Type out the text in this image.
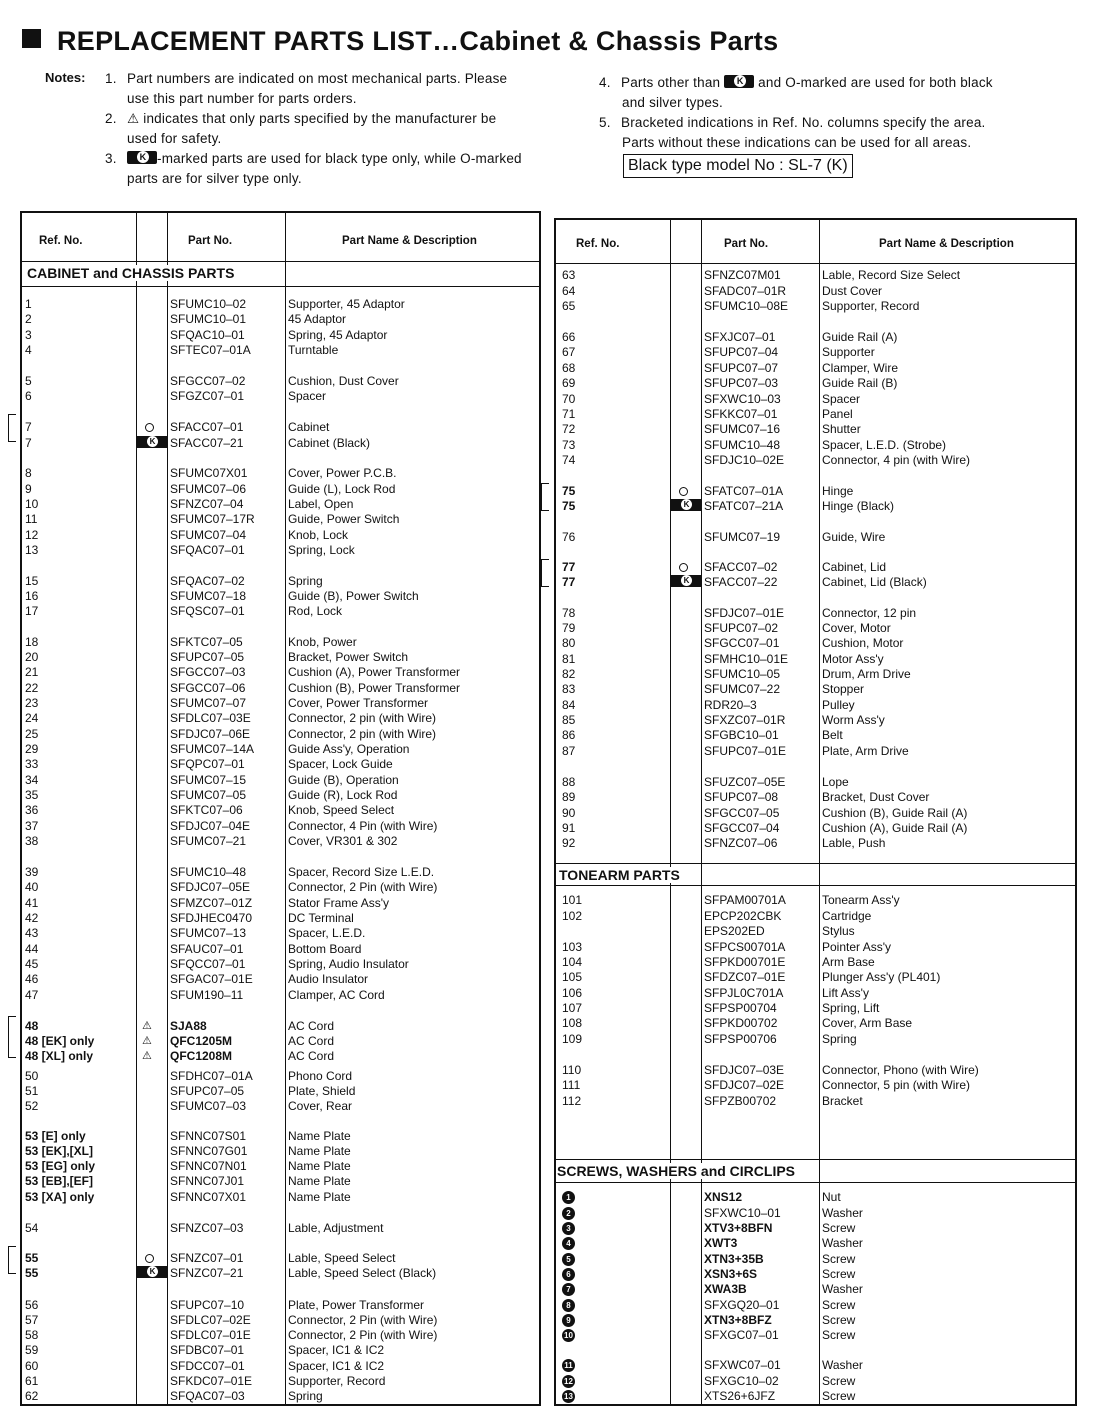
REPLACEMENT PARTS LIST…Cabinet & Chassis Parts
Notes: 1. Part numbers are indicated on most mechanical parts. Please
use this part number for parts orders.
2. ⚠ indicates that only parts specified by the manufacturer be
used for safety.
3. K	-marked parts are used for black type only, while O-marked
parts are for silver type only.
4. Parts other than K	and O-marked are used for both black
and silver types.
5. Bracketed indications in Ref. No. columns specify the area.
Parts without these indications can be used for all areas.
Black type model No : SL-7 (K)
Ref. No.	Part No.	Part Name & Description
CABINET and CHASSIS PARTS
1	SFUMC10–02	Supporter, 45 Adaptor
2	SFUMC10–01	45 Adaptor
3	SFQAC10–01	Spring, 45 Adaptor
4	SFTEC07–01A	Turntable
5	SFGCC07–02	Cushion, Dust Cover
6	SFGZC07–01	Spacer
7	SFACC07–01	Cabinet
7 K	SFACC07–21	Cabinet (Black)
8	SFUMC07X01	Cover, Power P.C.B.
9	SFUMC07–06	Guide (L), Lock Rod
10	SFNZC07–04	Label, Open
11	SFUMC07–17R	Guide, Power Switch
12	SFUMC07–04	Knob, Lock
13	SFQAC07–01	Spring, Lock
15	SFQAC07–02	Spring
16	SFUMC07–18	Guide (B), Power Switch
17	SFQSC07–01	Rod, Lock
18	SFKTC07–05	Knob, Power
20	SFUPC07–05	Bracket, Power Switch
21	SFGCC07–03	Cushion (A), Power Transformer
22	SFGCC07–06	Cushion (B), Power Transformer
23	SFUMC07–07	Cover, Power Transformer
24	SFDLC07–03E	Connector, 2 pin (with Wire)
25	SFDJC07–06E	Connector, 2 pin (with Wire)
29	SFUMC07–14A	Guide Ass'y, Operation
33	SFQPC07–01	Spacer, Lock Guide
34	SFUMC07–15	Guide (B), Operation
35	SFUMC07–05	Guide (R), Lock Rod
36	SFKTC07–06	Knob, Speed Select
37	SFDJC07–04E	Connector, 4 Pin (with Wire)
38	SFUMC07–21	Cover, VR301 & 302
39	SFUMC10–48	Spacer, Record Size L.E.D.
40	SFDJC07–05E	Connector, 2 Pin (with Wire)
41	SFMZC07–01Z	Stator Frame Ass'y
42	SFDJHEC0470	DC Terminal
43	SFUMC07–13	Spacer, L.E.D.
44	SFAUC07–01	Bottom Board
45	SFQCC07–01	Spring, Audio Insulator
46	SFGAC07–01E	Audio Insulator
47	SFUM190–11	Clamper, AC Cord
48	⚠ SJA88	AC Cord
48 [EK] only	⚠ QFC1205M	AC Cord
48 [XL] only	⚠ QFC1208M	AC Cord
50	SFDHC07–01A	Phono Cord
51	SFUPC07–05	Plate, Shield
52	SFUMC07–03	Cover, Rear
53 [E] only	SFNNC07S01	Name Plate
53 [EK],[XL]	SFNNC07G01	Name Plate
53 [EG] only	SFNNC07N01	Name Plate
53 [EB],[EF]	SFNNC07J01	Name Plate
53 [XA] only	SFNNC07X01	Name Plate
54	SFNZC07–03	Lable, Adjustment
55	SFNZC07–01	Lable, Speed Select
55 K	SFNZC07–21	Lable, Speed Select (Black)
56	SFUPC07–10	Plate, Power Transformer
57	SFDLC07–02E	Connector, 2 Pin (with Wire)
58	SFDLC07–01E	Connector, 2 Pin (with Wire)
59	SFDBC07–01	Spacer, IC1 & IC2
60	SFDCC07–01	Spacer, IC1 & IC2
61	SFKDC07–01E	Supporter, Record
62	SFQAC07–03	Spring
Ref. No.	Part No.	Part Name & Description
TONEARM PARTS
SCREWS, WASHERS and CIRCLIPS
63	SFNZC07M01	Lable, Record Size Select
64	SFADC07–01R	Dust Cover
65	SFUMC10–08E	Supporter, Record
66	SFXJC07–01	Guide Rail (A)
67	SFUPC07–04	Supporter
68	SFUPC07–07	Clamper, Wire
69	SFUPC07–03	Guide Rail (B)
70	SFXWC10–03	Spacer
71	SFKKC07–01	Panel
72	SFUMC07–16	Shutter
73	SFUMC10–48	Spacer, L.E.D. (Strobe)
74	SFDJC10–02E	Connector, 4 pin (with Wire)
75	SFATC07–01A	Hinge
75 K	SFATC07–21A	Hinge (Black)
76	SFUMC07–19	Guide, Wire
77	SFACC07–02	Cabinet, Lid
77 K	SFACC07–22	Cabinet, Lid (Black)
78	SFDJC07–01E	Connector, 12 pin
79	SFUPC07–02	Cover, Motor
80	SFGCC07–01	Cushion, Motor
81	SFMHC10–01E	Motor Ass'y
82	SFUMC10–05	Drum, Arm Drive
83	SFUMC07–22	Stopper
84	RDR20–3	Pulley
85	SFXZC07–01R	Worm Ass'y
86	SFGBC10–01	Belt
87	SFUPC07–01E	Plate, Arm Drive
88	SFUZC07–05E	Lope
89	SFUPC07–08	Bracket, Dust Cover
90	SFGCC07–05	Cushion (B), Guide Rail (A)
91	SFGCC07–04	Cushion (A), Guide Rail (A)
92	SFNZC07–06	Lable, Push
101	SFPAM00701A	Tonearm Ass'y
102	EPCP202CBK	Cartridge
EPS202ED	Stylus
103	SFPCS00701A	Pointer Ass'y
104	SFPKD00701E	Arm Base
105	SFDZC07–01E	Plunger Ass'y (PL401)
106	SFPJL0C701A	Lift Ass'y
107	SFPSP00704	Spring, Lift
108	SFPKD00702	Cover, Arm Base
109	SFPSP00706	Spring
110	SFDJC07–03E	Connector, Phono (with Wire)
111	SFDJC07–02E	Connector, 5 pin (with Wire)
112	SFPZB00702	Bracket
1	XNS12	Nut
2	SFXWC10–01	Washer
3	XTV3+8BFN	Screw
4	XWT3	Washer
5	XTN3+35B	Screw
6	XSN3+6S	Screw
7	XWA3B	Washer
8	SFXGQ20–01	Screw
9	XTN3+8BFZ	Screw
10	SFXGC07–01	Screw
11	SFXWC07–01	Washer
12	SFXGC10–02	Screw
13	XTS26+6JFZ	Screw
